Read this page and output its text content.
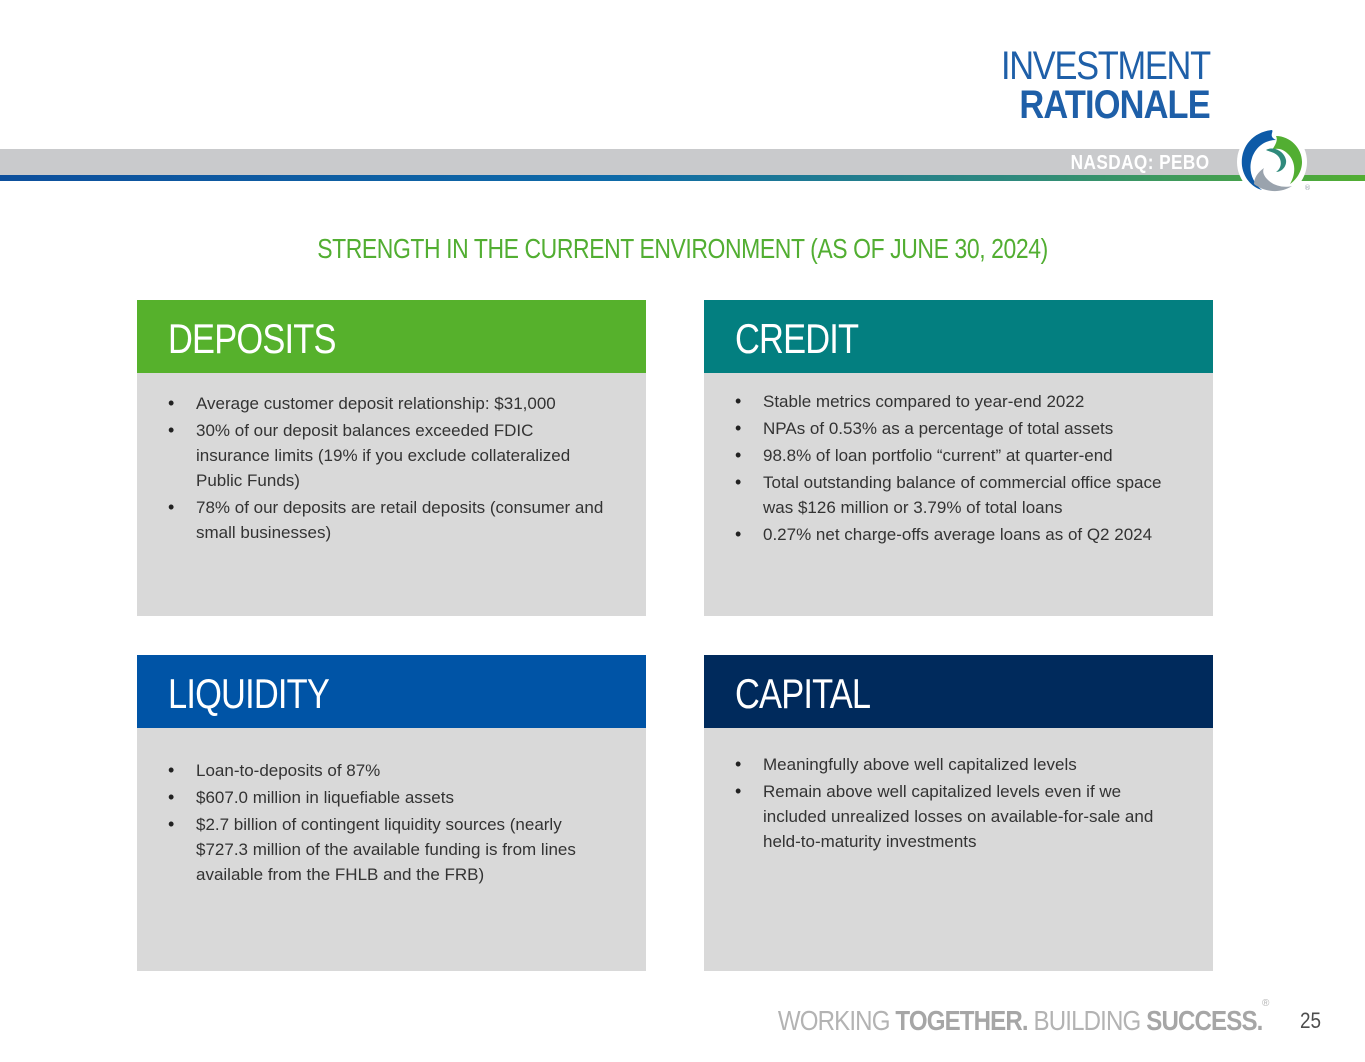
INVESTMENT
RATIONALE
NASDAQ: PEBO
®
STRENGTH IN THE CURRENT ENVIRONMENT (AS OF JUNE 30, 2024)
DEPOSITS
• Average customer deposit relationship: $31,000
• 30% of our deposit balances exceeded FDIC insurance limits (19% if you exclude collateralized Public Funds)
• 78% of our deposits are retail deposits (consumer and small businesses)
CREDIT
• Stable metrics compared to year-end 2022
• NPAs of 0.53% as a percentage of total assets
• 98.8% of loan portfolio “current” at quarter-end
• Total outstanding balance of commercial office space was $126 million or 3.79% of total loans
• 0.27% net charge-offs average loans as of Q2 2024
LIQUIDITY
• Loan-to-deposits of 87%
• $607.0 million in liquefiable assets
• $2.7 billion of contingent liquidity sources (nearly $727.3 million of the available funding is from lines available from the FHLB and the FRB)
CAPITAL
• Meaningfully above well capitalized levels
• Remain above well capitalized levels even if we included unrealized losses on available-for-sale and held-to-maturity investments
WORKING TOGETHER. BUILDING SUCCESS.
®
25
